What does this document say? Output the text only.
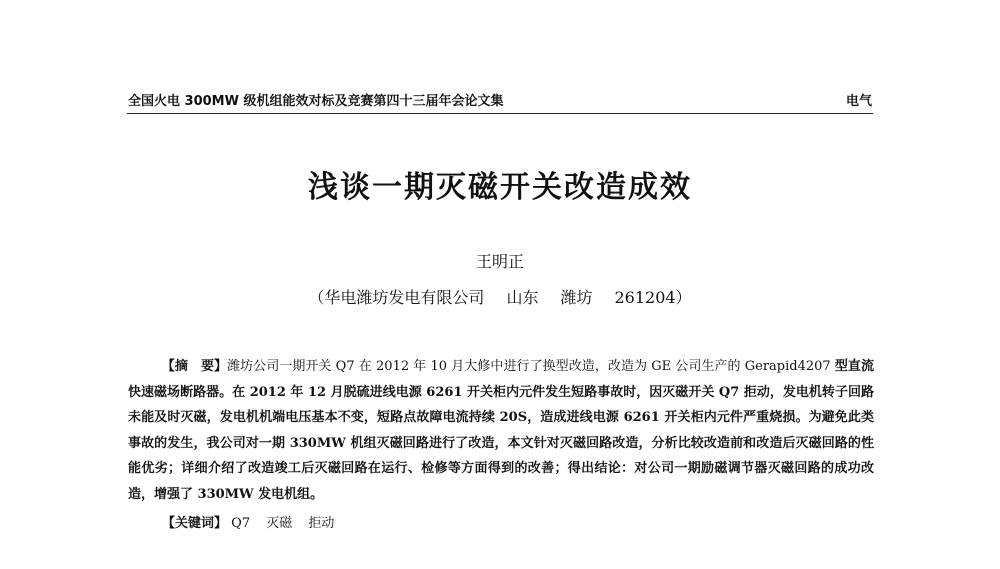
全国火电 300MW 级机组能效对标及竞赛第四十三届年会论文集	电气
浅谈一期灭磁开关改造成效
王明正
（华电潍坊发电有限公司 山东 潍坊 261204）
【摘　要】潍坊公司一期开关 Q7 在 2012 年 10 月大修中进行了换型改造，改造为 GE 公司生产的 Gerapid4207 型直流快速磁场断路器。在 2012 年 12 月脱硫进线电源 6261 开关柜内元件发生短路事故时，因灭磁开关 Q7 拒动，发电机转子回路未能及时灭磁，发电机机端电压基本不变，短路点故障电流持续 20S，造成进线电源 6261 开关柜内元件严重烧损。为避免此类事故的发生，我公司对一期 330MW 机组灭磁回路进行了改造，本文针对灭磁回路改造，分析比较改造前和改造后灭磁回路的性能优劣；详细介绍了改造竣工后灭磁回路在运行、检修等方面得到的改善；得出结论：对公司一期励磁调节器灭磁回路的成功改造，增强了 330MW 发电机组。
【关键词】 Q7 灭磁 拒动
